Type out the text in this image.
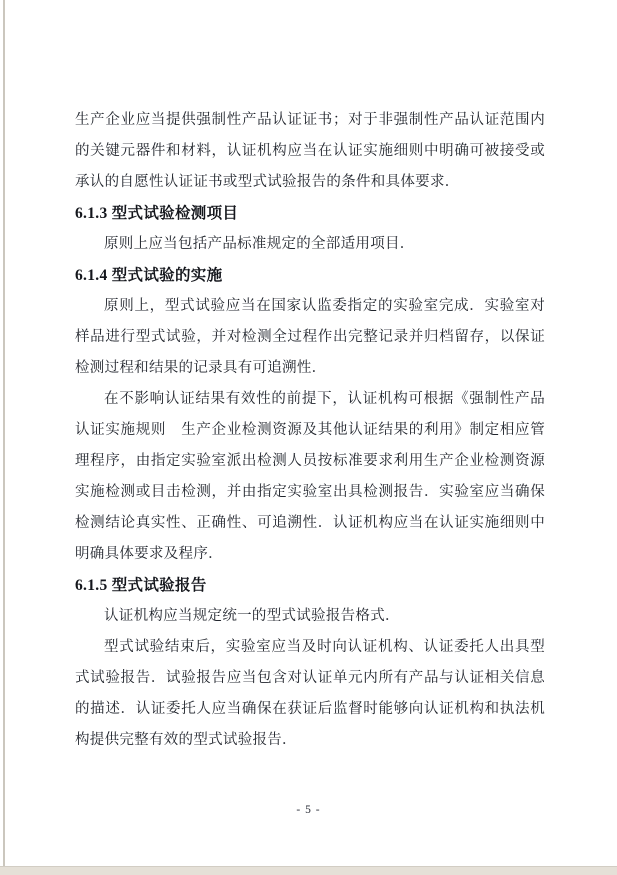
生产企业应当提供强制性产品认证证书；对于非强制性产品认证范围内的关键元器件和材料，认证机构应当在认证实施细则中明确可被接受或承认的自愿性认证证书或型式试验报告的条件和具体要求．

6.1.3 型式试验检测项目

原则上应当包括产品标准规定的全部适用项目．

6.1.4 型式试验的实施

原则上，型式试验应当在国家认监委指定的实验室完成．实验室对样品进行型式试验，并对检测全过程作出完整记录并归档留存，以保证检测过程和结果的记录具有可追溯性．

在不影响认证结果有效性的前提下，认证机构可根据《强制性产品认证实施规则　生产企业检测资源及其他认证结果的利用》制定相应管理程序，由指定实验室派出检测人员按标准要求利用生产企业检测资源实施检测或目击检测，并由指定实验室出具检测报告．实验室应当确保检测结论真实性、正确性、可追溯性．认证机构应当在认证实施细则中明确具体要求及程序．

6.1.5 型式试验报告

认证机构应当规定统一的型式试验报告格式．

型式试验结束后，实验室应当及时向认证机构、认证委托人出具型式试验报告．试验报告应当包含对认证单元内所有产品与认证相关信息的描述．认证委托人应当确保在获证后监督时能够向认证机构和执法机构提供完整有效的型式试验报告．

- 5 -
